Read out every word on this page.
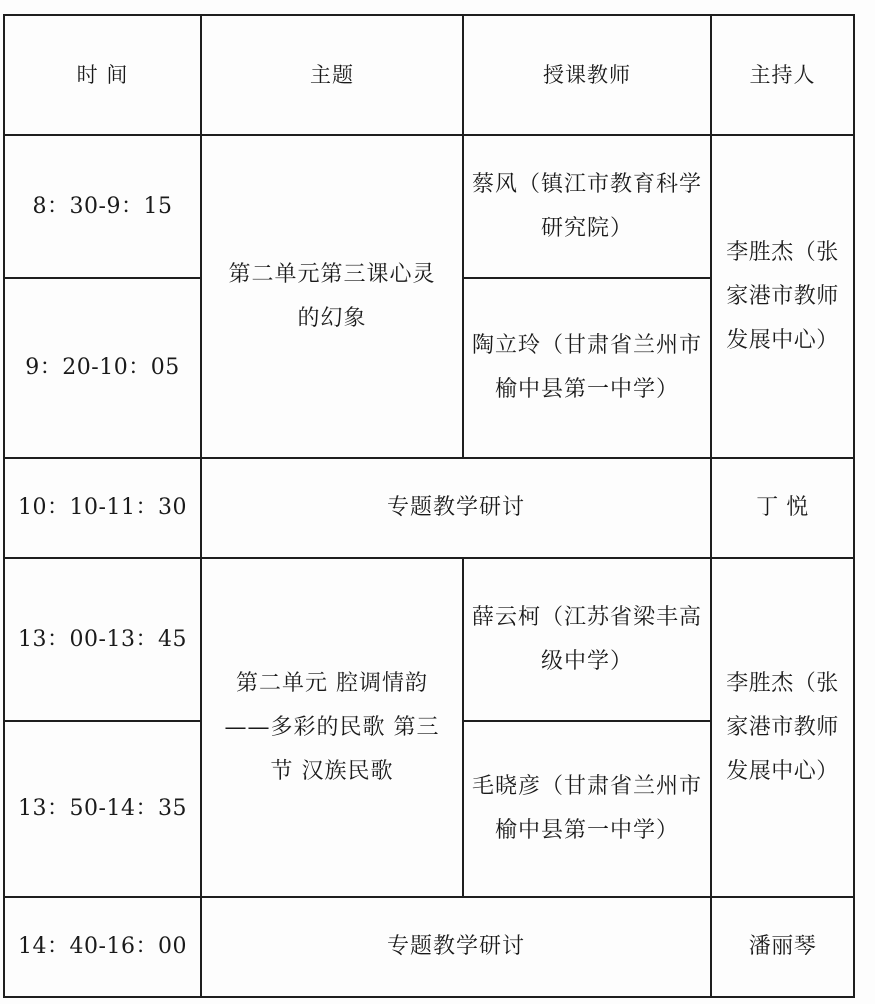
时 间	主题	授课教师	主持人
8：30-9：15	第二单元第三课心灵的幻象	蔡风（镇江市教育科学研究院）	李胜杰（张家港市教师发展中心）
9：20-10：05		陶立玲（甘肃省兰州市榆中县第一中学）	
10：10-11：30	专题教学研讨		丁 悦
13：00-13：45	第二单元 腔调情韵——多彩的民歌 第三节 汉族民歌	薛云柯（江苏省梁丰高级中学）	李胜杰（张家港市教师发展中心）
13：50-14：35		毛晓彦（甘肃省兰州市榆中县第一中学）	
14：40-16：00	专题教学研讨		潘丽琴
